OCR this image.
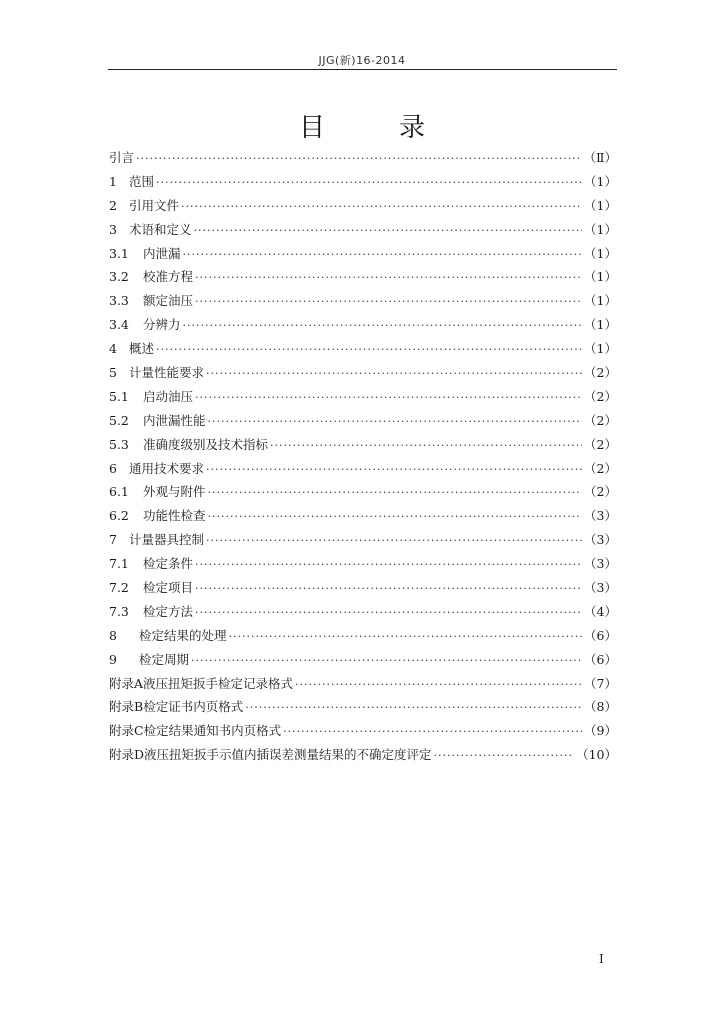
JJG(新)16-2014
目　录
引言 ·····	（Ⅱ）
1 范围 ·····	（1）
2 引用文件 ·····	（1）
3 术语和定义 ·····	（1）
3.1	内泄漏 ·····	（1）
3.2	校准方程 ·····	（1）
3.3	额定油压 ·····	（1）
3.4	分辨力 ·····	（1）
4 概述 ·····	（1）
5 计量性能要求 ·····	（2）
5.1	启动油压 ·····	（2）
5.2	内泄漏性能 ·····	（2）
5.3	准确度级别及技术指标 ·····	（2）
6 通用技术要求 ·····	（2）
6.1	外观与附件 ·····	（2）
6.2	功能性检查 ·····	（3）
7 计量器具控制 ·····	（3）
7.1	检定条件 ·····	（3）
7.2	检定项目 ·····	（3）
7.3	检定方法 ·····	（4）
8	检定结果的处理 ·····	（6）
9	检定周期 ·····	（6）
附录A 液压扭矩扳手检定记录格式 ·····	（7）
附录B 检定证书内页格式 ·····	（8）
附录C 检定结果通知书内页格式 ·····	（9）
附录D 液压扭矩扳手示值内插误差测量结果的不确定度评定 ·····	（10）
I
